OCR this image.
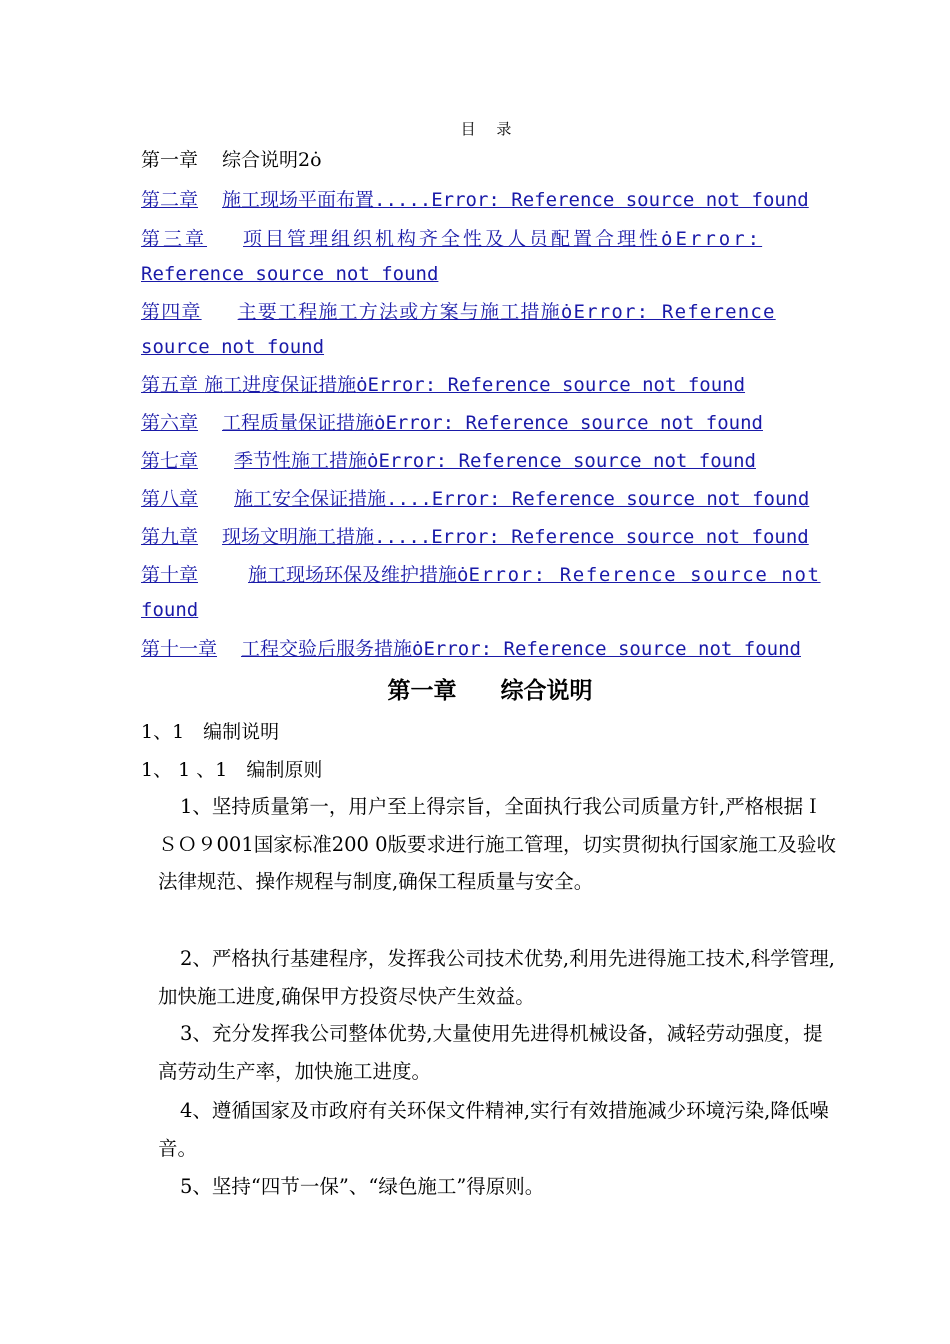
目 录
第一章 综合说明2ȯ
第二章 施工现场平面布置.....Error: Reference source not found
第三章 项目管理组织机构齐全性及人员配置合理性ȯError:
Reference source not found
第四章 主要工程施工方法或方案与施工措施ȯError: Reference
source not found
第五章 施工进度保证措施ȯError: Reference source not found
第六章 工程质量保证措施ȯError: Reference source not found
第七章 季节性施工措施ȯError: Reference source not found
第八章 施工安全保证措施....Error: Reference source not found
第九章 现场文明施工措施.....Error: Reference source not found
第十章	施工现场环保及维护措施ȯError: Reference source not
found
第十一章 工程交验后服务措施ȯError: Reference source not found
第一章 综合说明
1、1　编制说明
1、 1 、1　编制原则
1、坚持质量第一，用户至上得宗旨，全面执行我公司质量方针,严格根据ＩＳＯ９001国家标准200 0版要求进行施工管理，切实贯彻执行国家施工及验收法律规范、操作规程与制度,确保工程质量与安全。
2、严格执行基建程序，发挥我公司技术优势,利用先进得施工技术,科学管理,加快施工进度,确保甲方投资尽快产生效益。
3、充分发挥我公司整体优势,大量使用先进得机械设备，减轻劳动强度，提高劳动生产率，加快施工进度。
4、遵循国家及市政府有关环保文件精神,实行有效措施减少环境污染,降低噪音。
5、坚持“四节一保”、“绿色施工”得原则。
